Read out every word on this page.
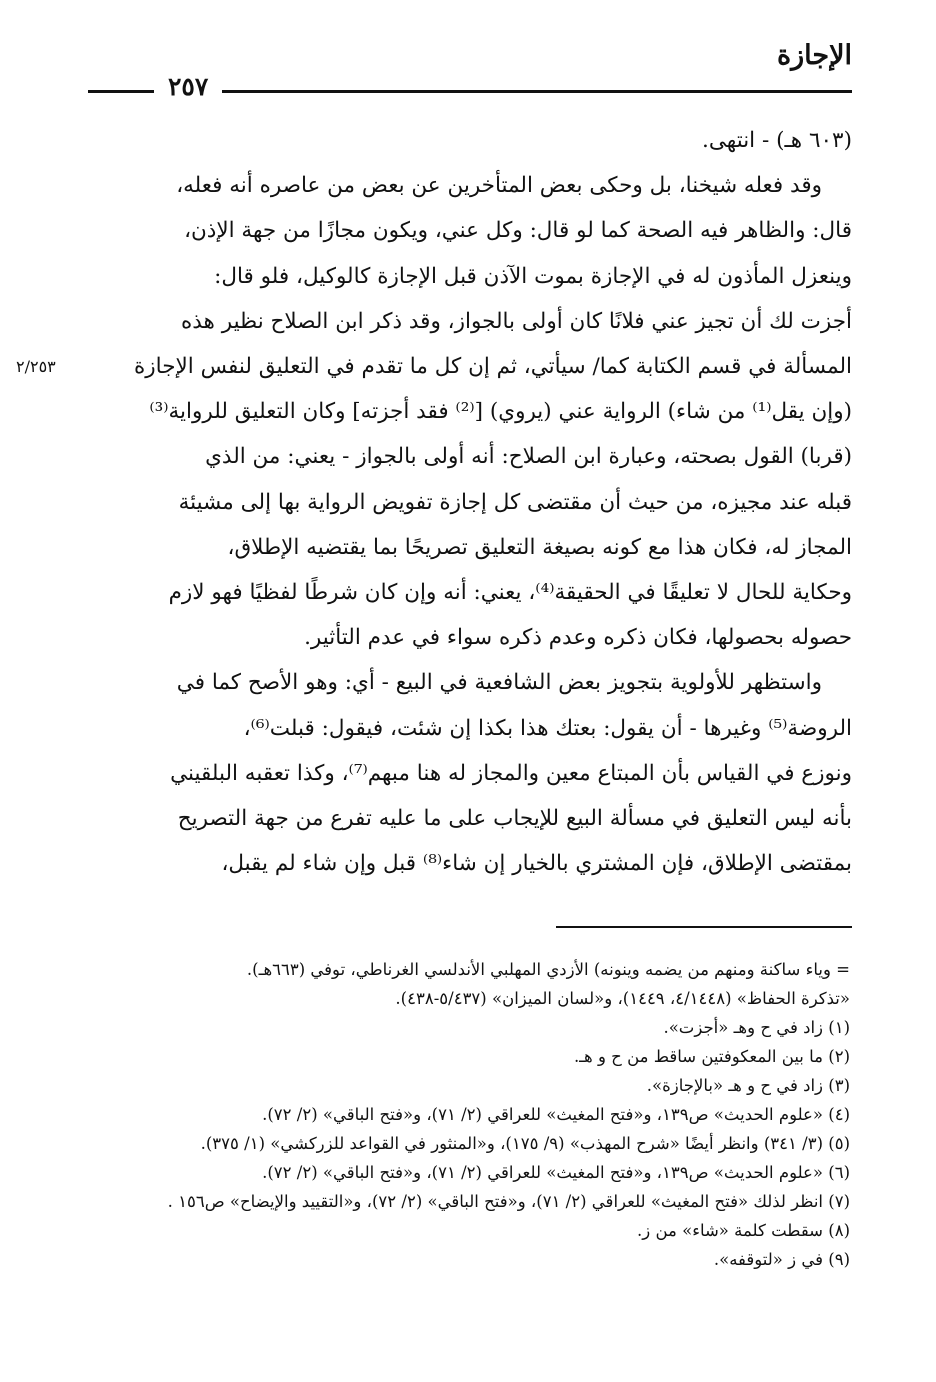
الإجازة
٢٥٧
٢/٢٥٣

(٦٠٣ هـ) - انتهى.

وقد فعله شيخنا، بل وحكى بعض المتأخرين عن بعض من عاصره أنه فعله،

قال: والظاهر فيه الصحة كما لو قال: وكل عني، ويكون مجازًا من جهة الإذن،

وينعزل المأذون له في الإجازة بموت الآذن قبل الإجازة كالوكيل، فلو قال:

أجزت لك أن تجيز عني فلانًا كان أولى بالجواز، وقد ذكر ابن الصلاح نظير هذه

المسألة في قسم الكتابة كما/ سيأتي، ثم إن كل ما تقدم في التعليق لنفس الإجازة

(وإن يقل⁽¹⁾ من شاء) الرواية عني (يروي) [⁽²⁾ فقد أجزته] وكان التعليق للرواية⁽³⁾

(قربا) القول بصحته، وعبارة ابن الصلاح: أنه أولى بالجواز - يعني: من الذي

قبله عند مجيزه، من حيث أن مقتضى كل إجازة تفويض الرواية بها إلى مشيئة

المجاز له، فكان هذا مع كونه بصيغة التعليق تصريحًا بما يقتضيه الإطلاق،

وحكاية للحال لا تعليقًا في الحقيقة⁽⁴⁾، يعني: أنه وإن كان شرطًا لفظيًا فهو لازم

حصوله بحصولها، فكان ذكره وعدم ذكره سواء في عدم التأثير.

واستظهر للأولوية بتجويز بعض الشافعية في البيع - أي: وهو الأصح كما في

الروضة⁽⁵⁾ وغيرها - أن يقول: بعتك هذا بكذا إن شئت، فيقول: قبلت⁽⁶⁾،

ونوزع في القياس بأن المبتاع معين والمجاز له هنا مبهم⁽⁷⁾، وكذا تعقبه البلقيني

بأنه ليس التعليق في مسألة البيع للإيجاب على ما عليه تفرع من جهة التصريح

بمقتضى الإطلاق، فإن المشتري بالخيار إن شاء⁽⁸⁾ قبل وإن شاء لم يقبل،

= وياء ساكنة ومنهم من يضمه وينونه) الأزدي المهلبي الأندلسي الغرناطي، توفي (٦٦٣هـ).
«تذكرة الحفاظ» (٤/١٤٤٨، ١٤٤٩)، و«لسان الميزان» (٥/٤٣٧-٤٣٨).
(١) زاد في ح وهـ «أجزت».
(٢) ما بين المعكوفتين ساقط من ح و هـ.
(٣) زاد في ح و هـ «بالإجازة».
(٤) «علوم الحديث» ص١٣٩، و«فتح المغيث» للعراقي (٢/ ٧١)، و«فتح الباقي» (٢/ ٧٢).
(٥) (٣/ ٣٤١) وانظر أيضًا «شرح المهذب» (٩/ ١٧٥)، و«المنثور في القواعد للزركشي» (١/ ٣٧٥).
(٦) «علوم الحديث» ص١٣٩، و«فتح المغيث» للعراقي (٢/ ٧١)، و«فتح الباقي» (٢/ ٧٢).
(٧) انظر لذلك «فتح المغيث» للعراقي (٢/ ٧١)، و«فتح الباقي» (٢/ ٧٢)، و«التقييد والإيضاح» ص١٥٦ .
(٨) سقطت كلمة «شاء» من ز.
(٩) في ز «لتوقفه».
